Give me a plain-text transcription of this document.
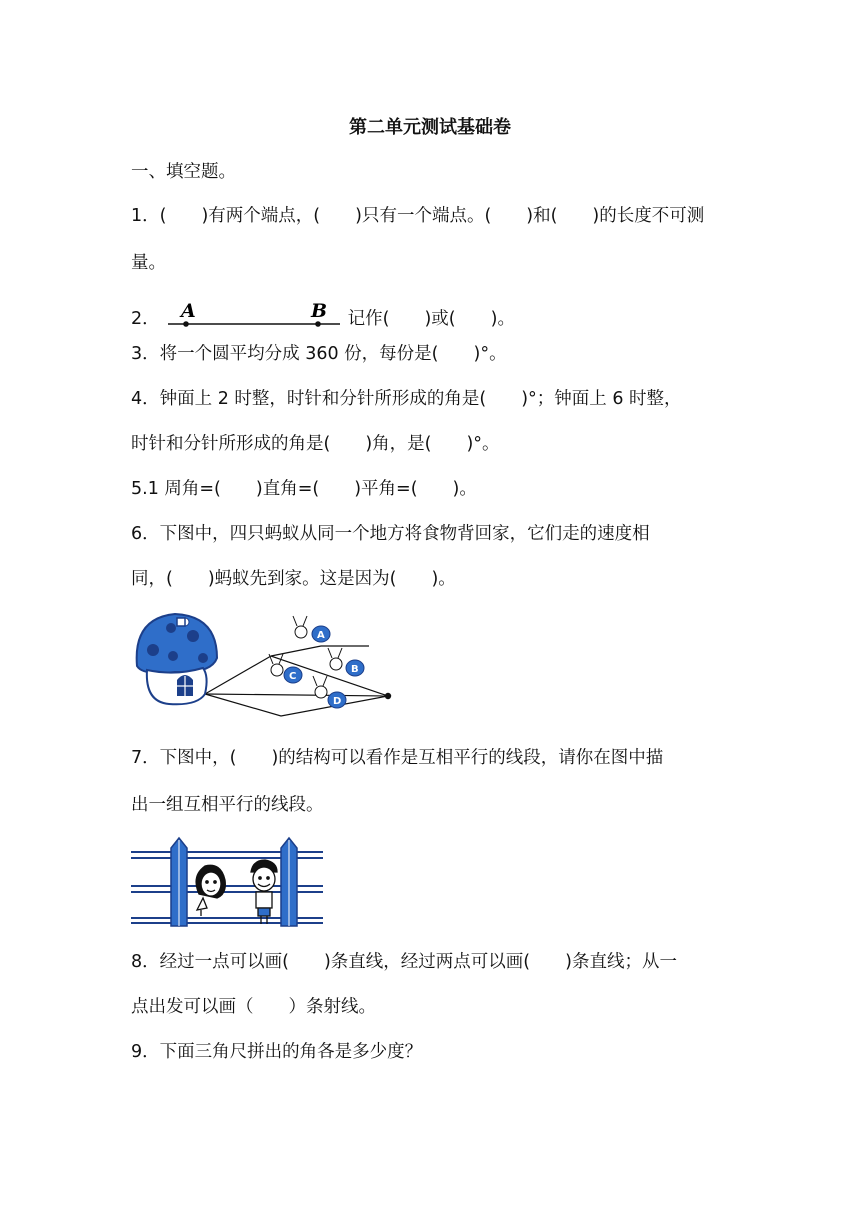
第二单元测试基础卷
一、填空题。
1．(　　)有两个端点，(　　)只有一个端点。(　　)和(　　)的长度不可测
量。
2． A	B 记作(　　)或(　　)。
3．将一个圆平均分成 360 份，每份是(　　)°。
4．钟面上 2 时整，时针和分针所形成的角是(　　)°；钟面上 6 时整，
时针和分针所形成的角是(　　)角，是(　　)°。
5.1 周角=(　　)直角=(　　)平角=(　　)。
6．下图中，四只蚂蚁从同一个地方将食物背回家，它们走的速度相
同，(　　)蚂蚁先到家。这是因为(　　)。
A
B
C
D
7．下图中，(　　)的结构可以看作是互相平行的线段，请你在图中描
出一组互相平行的线段。
8．经过一点可以画(　　)条直线，经过两点可以画(　　)条直线；从一
点出发可以画（　　）条射线。
9．下面三角尺拼出的角各是多少度？
